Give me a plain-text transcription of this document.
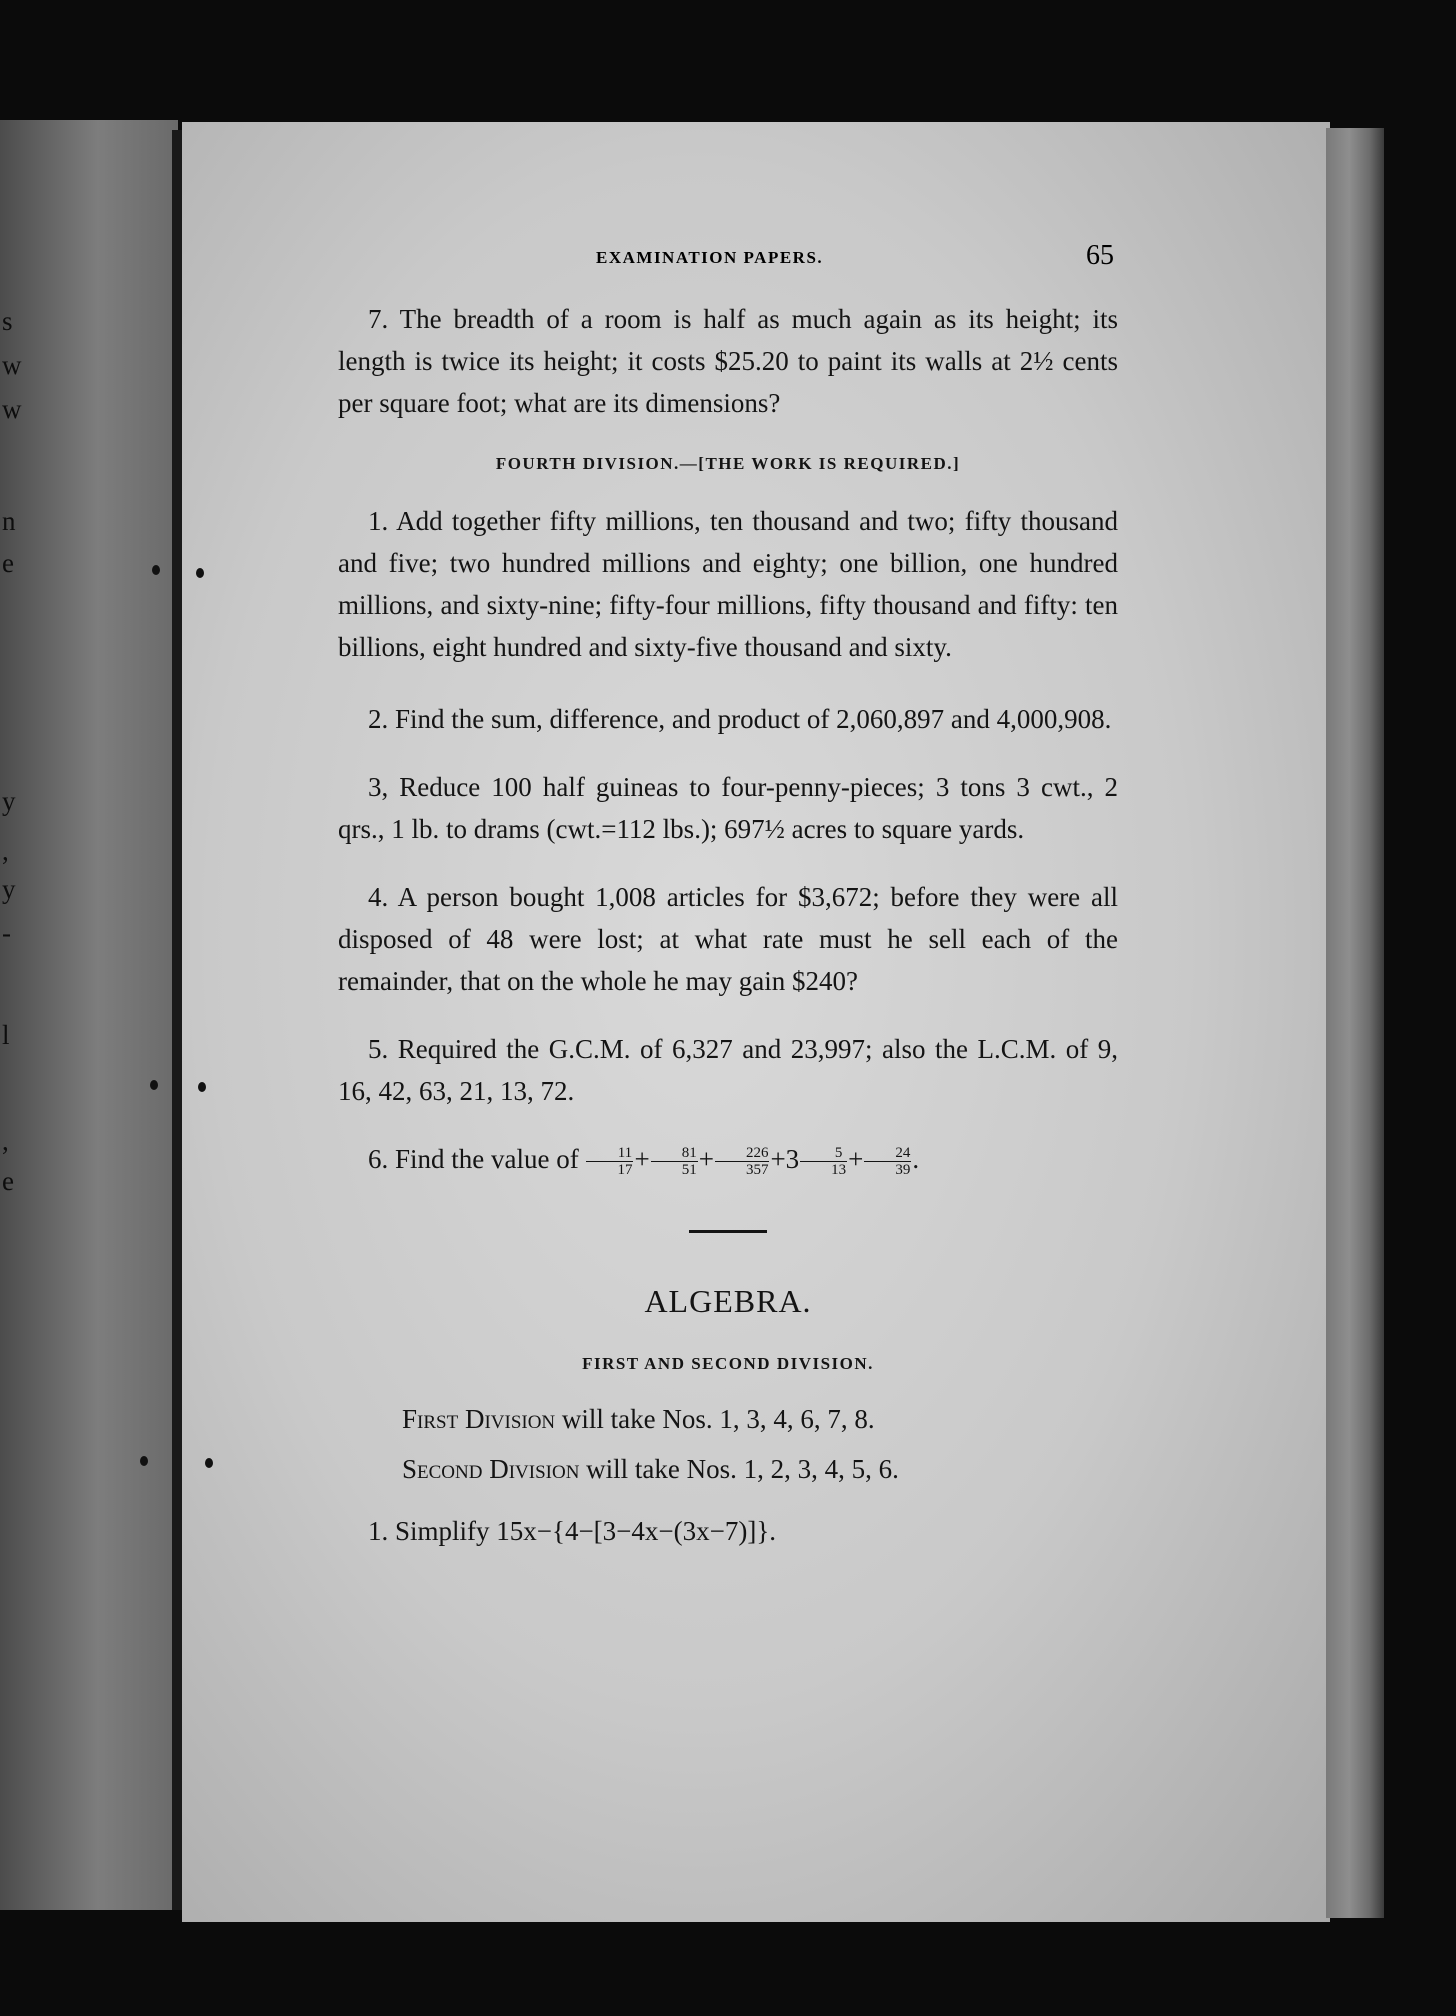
s
w
w
n
e
y
,
y
-
l
,
e
EXAMINATION PAPERS.	65

7. The breadth of a room is half as much again as its height; its length is twice its height; it costs $25.20 to paint its walls at 2½ cents per square foot; what are its dimensions?

FOURTH DIVISION.—[THE WORK IS REQUIRED.]

1. Add together fifty millions, ten thousand and two; fifty thousand and five; two hundred millions and eighty; one billion, one hundred millions, and sixty-nine; fifty-four millions, fifty thousand and fifty: ten billions, eight hundred and sixty-five thousand and sixty.

2. Find the sum, difference, and product of 2,060,897 and 4,000,908.

3, Reduce 100 half guineas to four-penny-pieces; 3 tons 3 cwt., 2 qrs., 1 lb. to drams (cwt.=112 lbs.); 697½ acres to square yards.

4. A person bought 1,008 articles for $3,672; before they were all disposed of 48 were lost; at what rate must he sell each of the remainder, that on the whole he may gain $240?

5. Required the G.C.M. of 6,327 and 23,997; also the L.C.M. of 9, 16, 42, 63, 21, 13, 72.

6. Find the value of $\frac{11}{17} + \frac{81}{51} + \frac{226}{357} +3 \frac{5}{13} + \frac{24}{39}$ .

ALGEBRA.
FIRST AND SECOND DIVISION.

First Division will take Nos. 1, 3, 4, 6, 7, 8.

Second Division will take Nos. 1, 2, 3, 4, 5, 6.

1. Simplify 15x−{4−[3−4x−(3x−7)]}.
